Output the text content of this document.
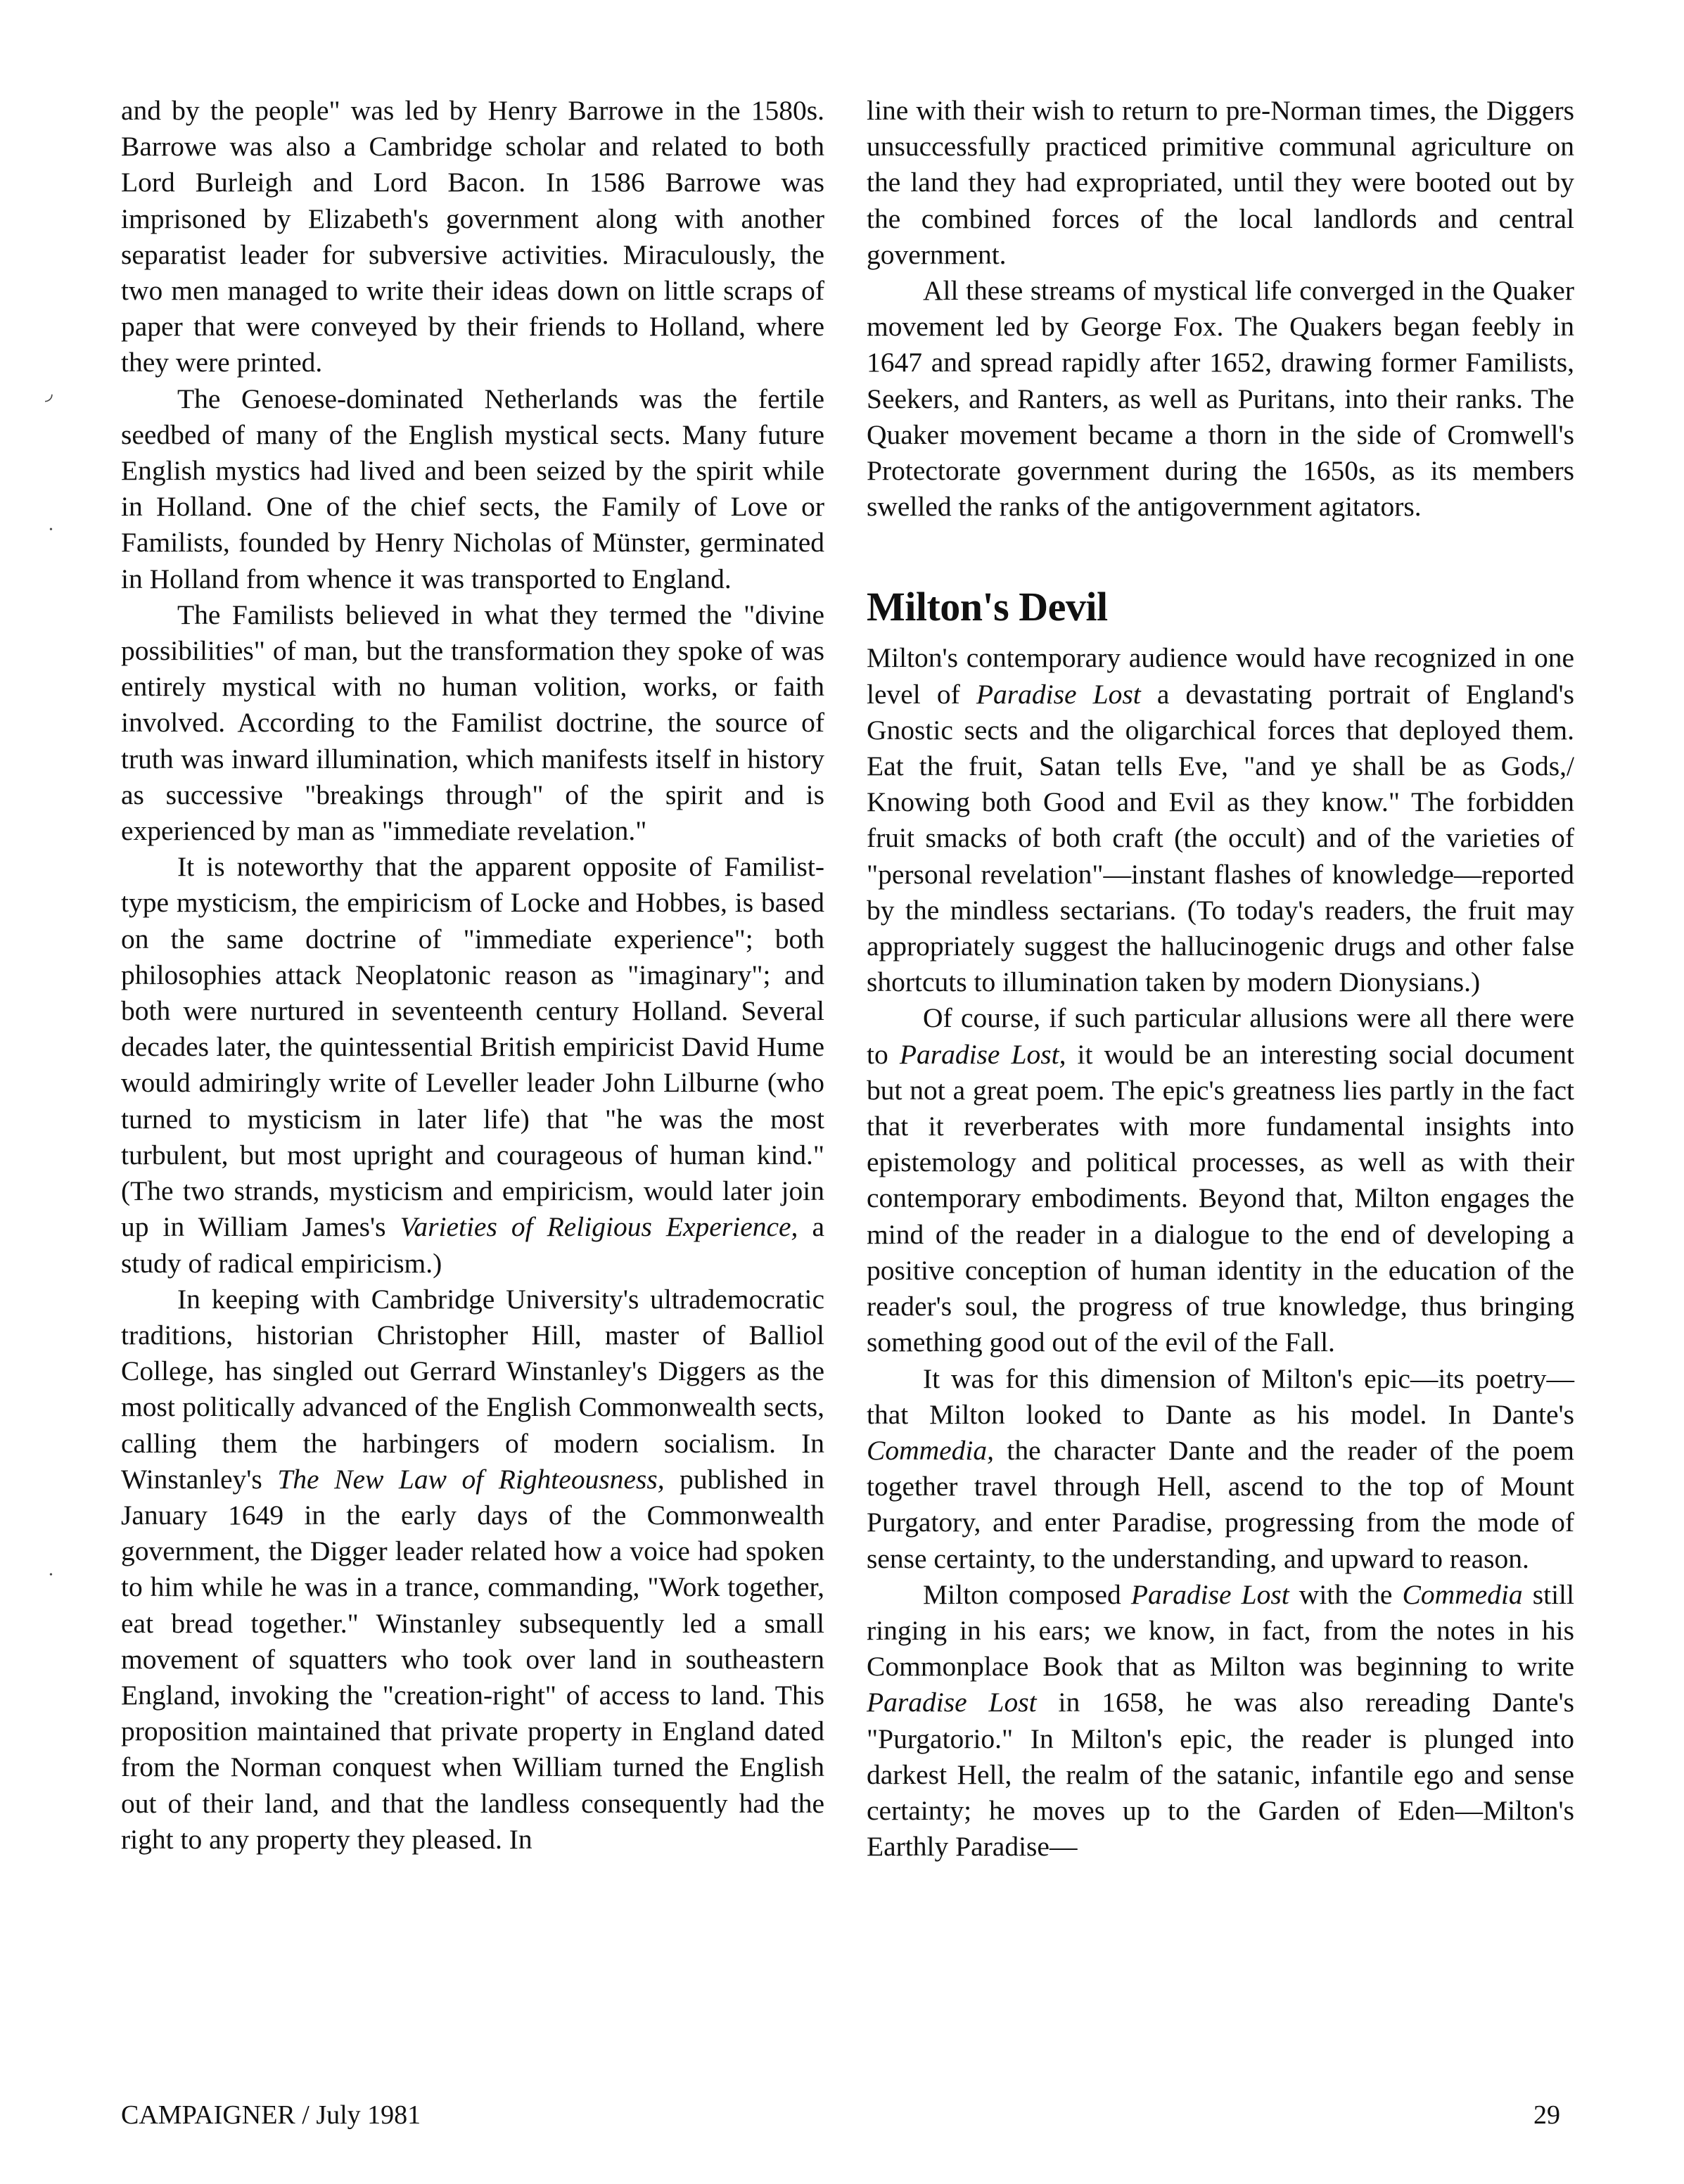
and by the people" was led by Henry Barrowe in the 1580s. Barrowe was also a Cambridge scholar and related to both Lord Burleigh and Lord Bacon. In 1586 Barrowe was imprisoned by Elizabeth's government along with another separatist leader for subversive activities. Miraculously, the two men managed to write their ideas down on little scraps of paper that were conveyed by their friends to Holland, where they were printed.

The Genoese-dominated Netherlands was the fertile seedbed of many of the English mystical sects. Many future English mystics had lived and been seized by the spirit while in Holland. One of the chief sects, the Family of Love or Familists, founded by Henry Nicholas of Münster, germinated in Holland from whence it was transported to England.

The Familists believed in what they termed the "divine possibilities" of man, but the transformation they spoke of was entirely mystical with no human volition, works, or faith involved. According to the Familist doctrine, the source of truth was inward illumination, which manifests itself in history as successive "breakings through" of the spirit and is experienced by man as "immediate revelation."

It is noteworthy that the apparent opposite of Familist-type mysticism, the empiricism of Locke and Hobbes, is based on the same doctrine of "immediate experience"; both philosophies attack Neoplatonic reason as "imaginary"; and both were nurtured in seventeenth century Holland. Several decades later, the quintessential British empiricist David Hume would admiringly write of Leveller leader John Lilburne (who turned to mysticism in later life) that "he was the most turbulent, but most upright and courageous of human kind." (The two strands, mysticism and empiricism, would later join up in William James's Varieties of Religious Experience, a study of radical empiricism.)

In keeping with Cambridge University's ultrademocratic traditions, historian Christopher Hill, master of Balliol College, has singled out Gerrard Winstanley's Diggers as the most politically advanced of the English Commonwealth sects, calling them the harbingers of modern socialism. In Winstanley's The New Law of Righteousness, published in January 1649 in the early days of the Commonwealth government, the Digger leader related how a voice had spoken to him while he was in a trance, commanding, "Work together, eat bread together." Winstanley subsequently led a small movement of squatters who took over land in southeastern England, invoking the "creation-right" of access to land. This proposition maintained that private property in England dated from the Norman conquest when William turned the English out of their land, and that the landless consequently had the right to any property they pleased. In

line with their wish to return to pre-Norman times, the Diggers unsuccessfully practiced primitive communal agriculture on the land they had expropriated, until they were booted out by the combined forces of the local landlords and central government.

All these streams of mystical life converged in the Quaker movement led by George Fox. The Quakers began feebly in 1647 and spread rapidly after 1652, drawing former Familists, Seekers, and Ranters, as well as Puritans, into their ranks. The Quaker movement became a thorn in the side of Cromwell's Protectorate government during the 1650s, as its members swelled the ranks of the antigovernment agitators.

Milton's Devil

Milton's contemporary audience would have recognized in one level of Paradise Lost a devastating portrait of England's Gnostic sects and the oligarchical forces that deployed them. Eat the fruit, Satan tells Eve, "and ye shall be as Gods,/ Knowing both Good and Evil as they know." The forbidden fruit smacks of both craft (the occult) and of the varieties of "personal revelation"—instant flashes of knowledge—reported by the mindless sectarians. (To today's readers, the fruit may appropriately suggest the hallucinogenic drugs and other false shortcuts to illumination taken by modern Dionysians.)

Of course, if such particular allusions were all there were to Paradise Lost, it would be an interesting social document but not a great poem. The epic's greatness lies partly in the fact that it reverberates with more fundamental insights into epistemology and political processes, as well as with their contemporary embodiments. Beyond that, Milton engages the mind of the reader in a dialogue to the end of developing a positive conception of human identity in the education of the reader's soul, the progress of true knowledge, thus bringing something good out of the evil of the Fall.

It was for this dimension of Milton's epic—its poetry—that Milton looked to Dante as his model. In Dante's Commedia, the character Dante and the reader of the poem together travel through Hell, ascend to the top of Mount Purgatory, and enter Paradise, progressing from the mode of sense certainty, to the understanding, and upward to reason.

Milton composed Paradise Lost with the Commedia still ringing in his ears; we know, in fact, from the notes in his Commonplace Book that as Milton was beginning to write Paradise Lost in 1658, he was also rereading Dante's "Purgatorio." In Milton's epic, the reader is plunged into darkest Hell, the realm of the satanic, infantile ego and sense certainty; he moves up to the Garden of Eden—Milton's Earthly Paradise—

CAMPAIGNER / July 1981	29
◞
•
•
